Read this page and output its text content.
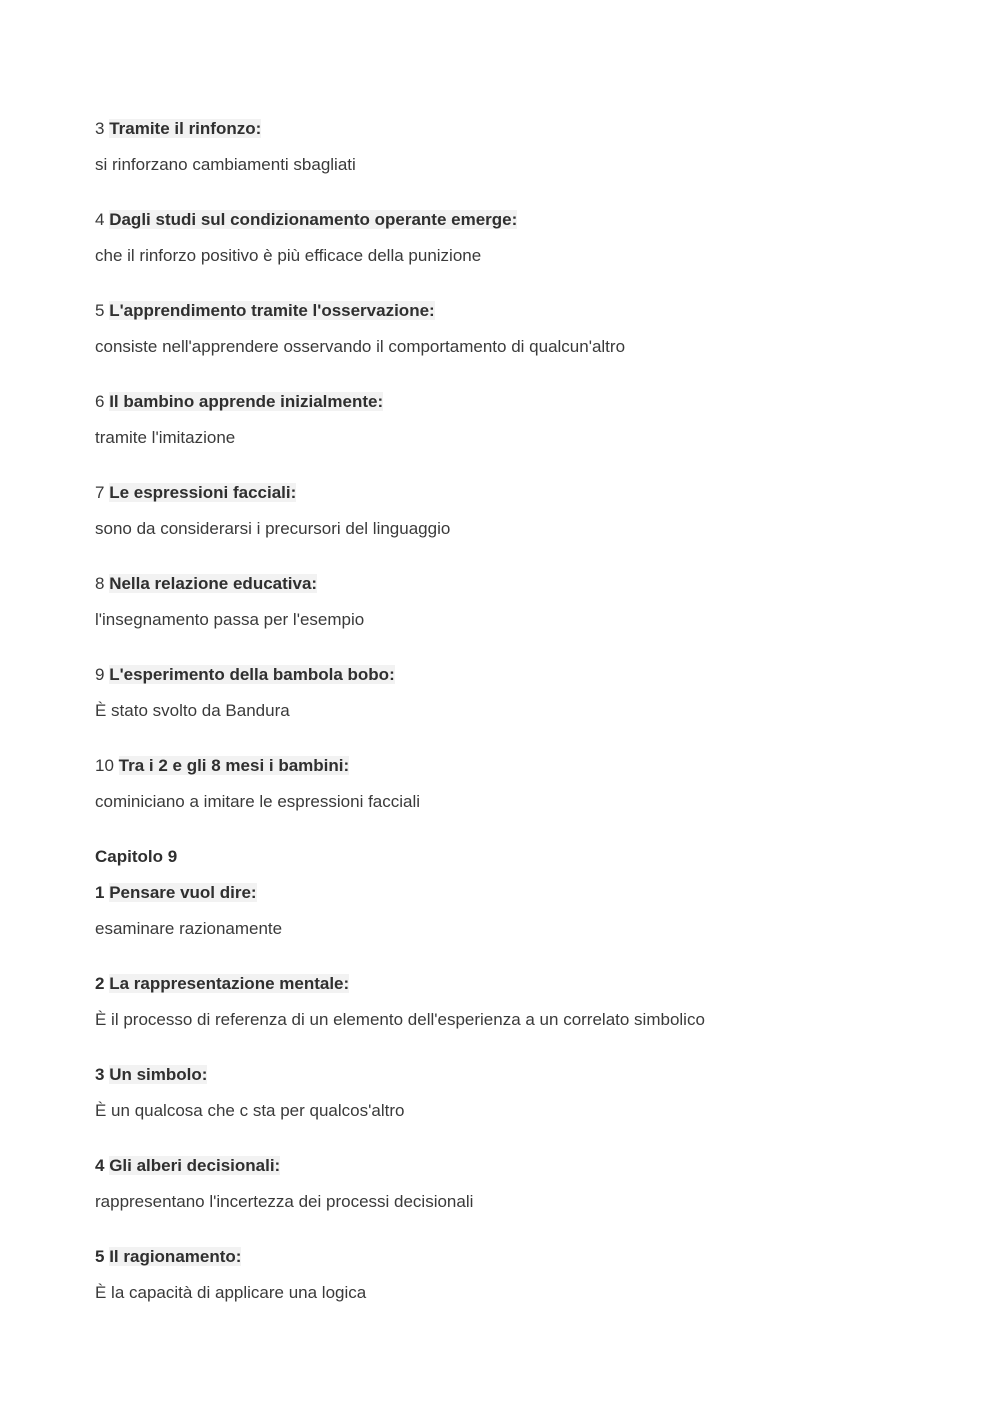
3 Tramite il rinfonzo:
si rinforzano cambiamenti sbagliati
4 Dagli studi sul condizionamento operante emerge:
che il rinforzo positivo è più efficace della punizione
5 L'apprendimento tramite l'osservazione:
consiste nell'apprendere osservando il comportamento di qualcun'altro
6 Il bambino apprende inizialmente:
tramite l'imitazione
7 Le espressioni facciali:
sono da considerarsi i precursori del linguaggio
8 Nella relazione educativa:
l'insegnamento passa per l'esempio
9 L'esperimento della bambola bobo:
È stato svolto da Bandura
10 Tra i 2 e gli 8 mesi i bambini:
cominiciano a imitare le espressioni facciali
Capitolo 9
1 Pensare vuol dire:
esaminare razionamente
2 La rappresentazione mentale:
È il processo di referenza di un elemento dell'esperienza a un correlato simbolico
3 Un simbolo:
È un qualcosa che c sta per qualcos'altro
4 Gli alberi decisionali:
rappresentano l'incertezza dei processi decisionali
5 Il ragionamento:
È la capacità di applicare una logica
